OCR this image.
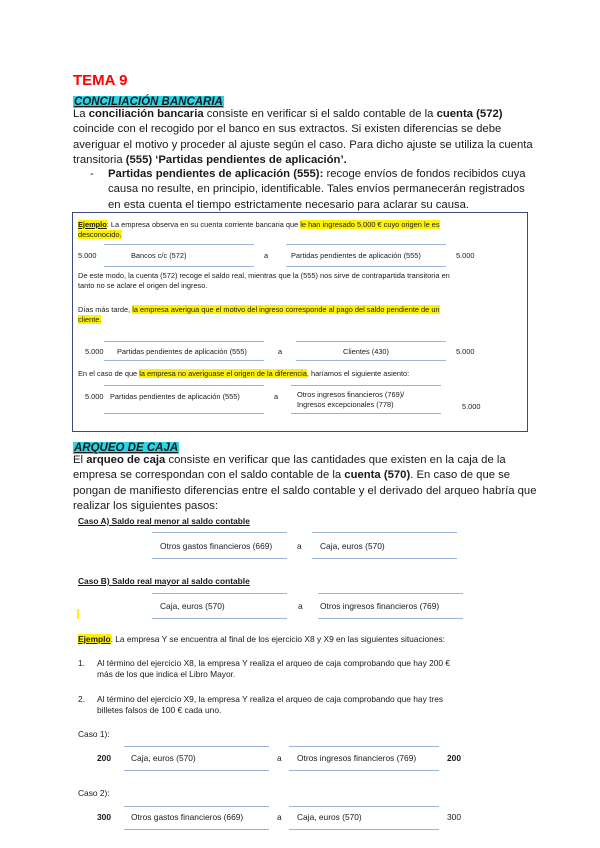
TEMA 9
CONCILIACIÓN BANCARIA
La conciliación bancaria consiste en verificar si el saldo contable de la cuenta (572)
coincide con el recogido por el banco en sus extractos. Si existen diferencias se debe
averiguar el motivo y proceder al ajuste según el caso. Para dicho ajuste se utiliza la cuenta
transitoria (555) ‘Partidas pendientes de aplicación’.
- Partidas pendientes de aplicación (555): recoge envíos de fondos recibidos cuya
causa no resulte, en principio, identificable. Tales envíos permanecerán registrados
en esta cuenta el tiempo estrictamente necesario para aclarar su causa.
Ejemplo: La empresa observa en su cuenta corriente bancaria que le han ingresado 5.000 € cuyo origen le es
desconocido.
5.000	Bancos c/c (572)	a	Partidas pendientes de aplicación (555)	5.000
De este modo, la cuenta (572) recoge el saldo real, mientras que la (555) nos sirve de contrapartida transitoria en
tanto no se aclare el origen del ingreso.
Días más tarde, la empresa averigua que el motivo del ingreso corresponde al pago del saldo pendiente de un
cliente.
5.000 Partidas pendientes de aplicación (555)	a	Clientes (430)	5.000
En el caso de que la empresa no averiguase el origen de la diferencia, haríamos el siguiente asiento:
5.000 Partidas pendientes de aplicación (555)	a	Otros ingresos financieros (769)/
Ingresos excepcionales (778)	5.000
ARQUEO DE CAJA
El arqueo de caja consiste en verificar que las cantidades que existen en la caja de la
empresa se correspondan con el saldo contable de la cuenta (570). En caso de que se
pongan de manifiesto diferencias entre el saldo contable y el derivado del arqueo habría que
realizar los siguientes pasos:
Caso A) Saldo real menor al saldo contable
Otros gastos financieros (669)	a Caja, euros (570)
Caso B) Saldo real mayor al saldo contable
Caja, euros (570)	a Otros ingresos financieros (769)
Ejemplo: La empresa Y se encuentra al final de los ejercicio X8 y X9 en las siguientes situaciones:
1. Al término del ejercicio X8, la empresa Y realiza el arqueo de caja comprobando que hay 200 €
más de los que indica el Libro Mayor.
2. Al término del ejercicio X9, la empresa Y realiza el arqueo de caja comprobando que hay tres
billetes falsos de 100 € cada uno.
Caso 1):
200 Caja, euros (570)	a Otros ingresos financieros (769)	200
Caso 2):
300 Otros gastos financieros (669)	a Caja, euros (570)	300
